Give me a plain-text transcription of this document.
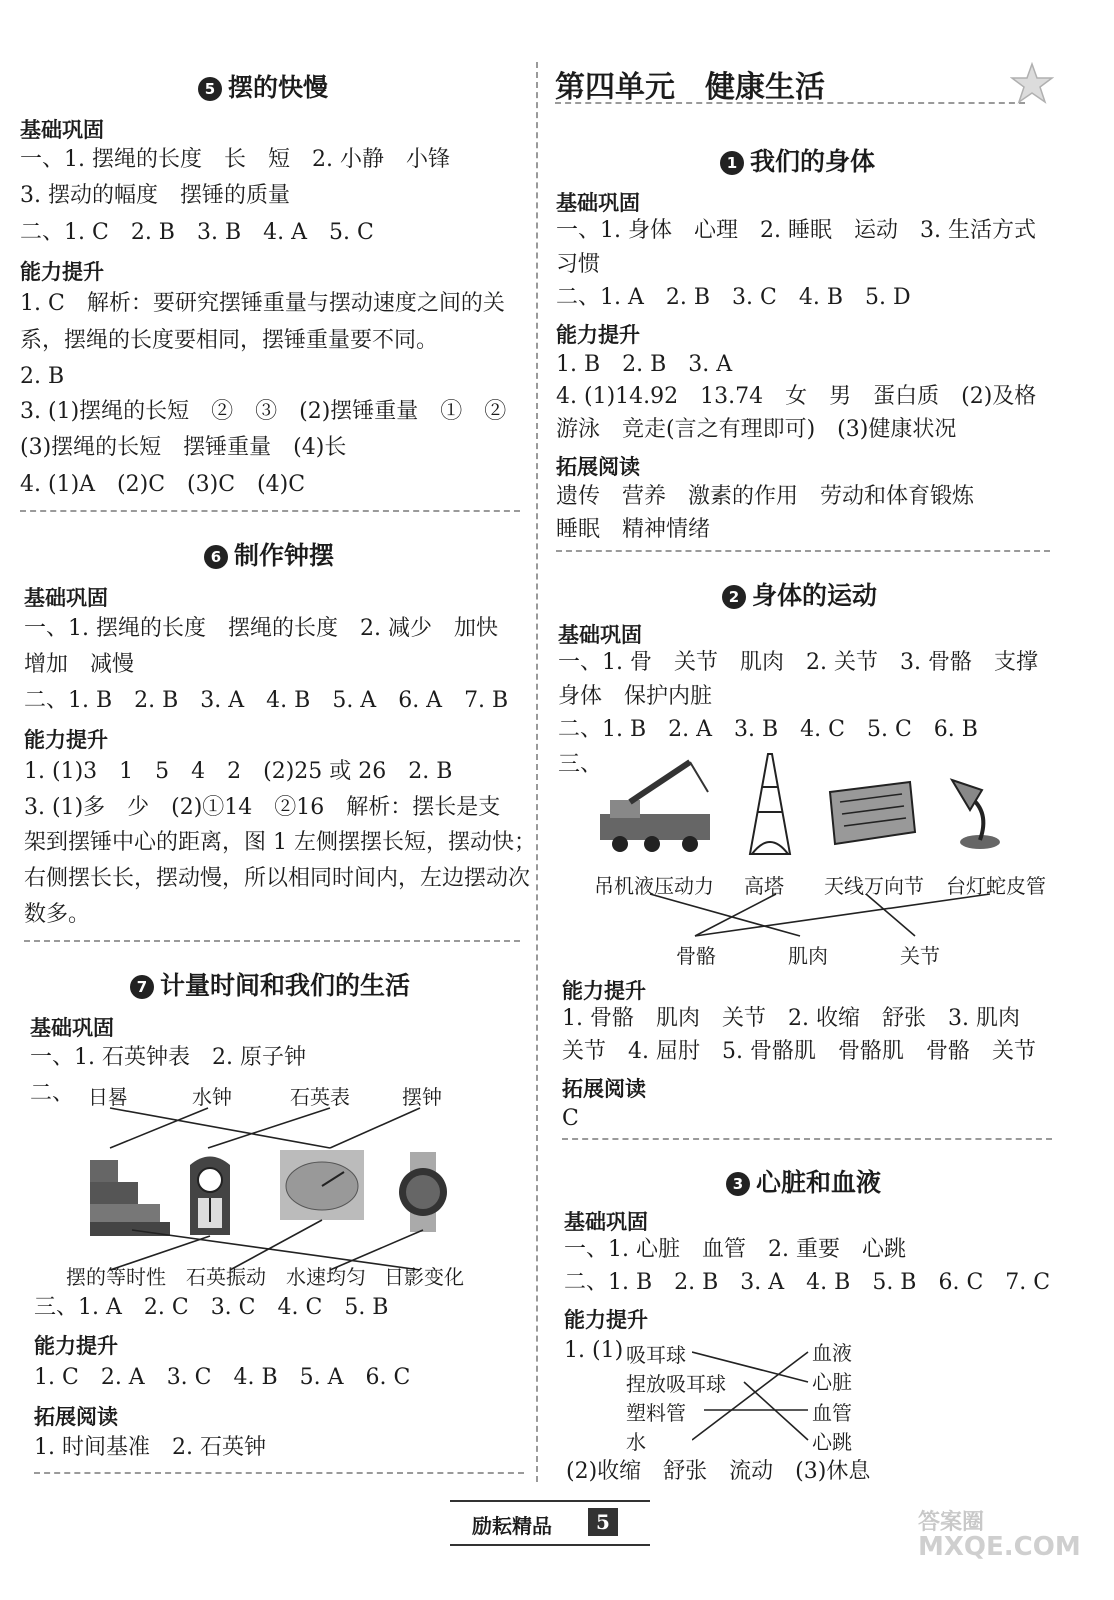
5 摆的快慢
基础巩固
一、1. 摆绳的长度　长　短　2. 小静　小锋
3. 摆动的幅度　摆锤的质量
二、1. C　2. B　3. B　4. A　5. C
能力提升
1. C　解析：要研究摆锤重量与摆动速度之间的关
系，摆绳的长度要相同，摆锤重量要不同。
2. B
3. (1)摆绳的长短　②　③　(2)摆锤重量　①　②
(3)摆绳的长短　摆锤重量　(4)长
4. (1)A　(2)C　(3)C　(4)C
6 制作钟摆
基础巩固
一、1. 摆绳的长度　摆绳的长度　2. 减少　加快
增加　减慢
二、1. B　2. B　3. A　4. B　5. A　6. A　7. B
能力提升
1. (1)3　1　5　4　2　(2)25 或 26　2. B
3. (1)多　少　(2)①14　②16　解析：摆长是支
架到摆锤中心的距离，图 1 左侧摆摆长短，摆动快；
右侧摆长长，摆动慢，所以相同时间内，左边摆动次
数多。
7 计量时间和我们的生活
基础巩固
一、1. 石英钟表　2. 原子钟
二、 日晷	水钟	石英表	摆钟
摆的等时性 石英振动 水速均匀 日影变化
三、1. A　2. C　3. C　4. C　5. B
能力提升
1. C　2. A　3. C　4. B　5. A　6. C
拓展阅读
1. 时间基准　2. 石英钟
第四单元　健康生活
1 我们的身体
基础巩固
一、1. 身体　心理　2. 睡眠　运动　3. 生活方式
习惯
二、1. A　2. B　3. C　4. B　5. D
能力提升
1. B　2. B　3. A
4. (1)14.92　13.74　女　男　蛋白质　(2)及格
游泳　竞走(言之有理即可)　(3)健康状况
拓展阅读
遗传　营养　激素的作用　劳动和体育锻炼
睡眠　精神情绪
2 身体的运动
基础巩固
一、1. 骨　关节　肌肉　2. 关节　3. 骨骼　支撑
身体　保护内脏
二、1. B　2. A　3. B　4. C　5. C　6. B
三、
吊机液压动力 高塔 天线万向节 台灯蛇皮管
骨骼	肌肉	关节
能力提升
1. 骨骼　肌肉　关节　2. 收缩　舒张　3. 肌肉
关节　4. 屈肘　5. 骨骼肌　骨骼肌　骨骼　关节
拓展阅读
C
3 心脏和血液
基础巩固
一、1. 心脏　血管　2. 重要　心跳
二、1. B　2. B　3. A　4. B　5. B　6. C　7. C
能力提升
1. (1) 吸耳球
捏放吸耳球
塑料管
水
血液
心脏
血管
心跳
(2)收缩　舒张　流动　(3)休息
励耘精品	5	答案圈
MXQE.COM
